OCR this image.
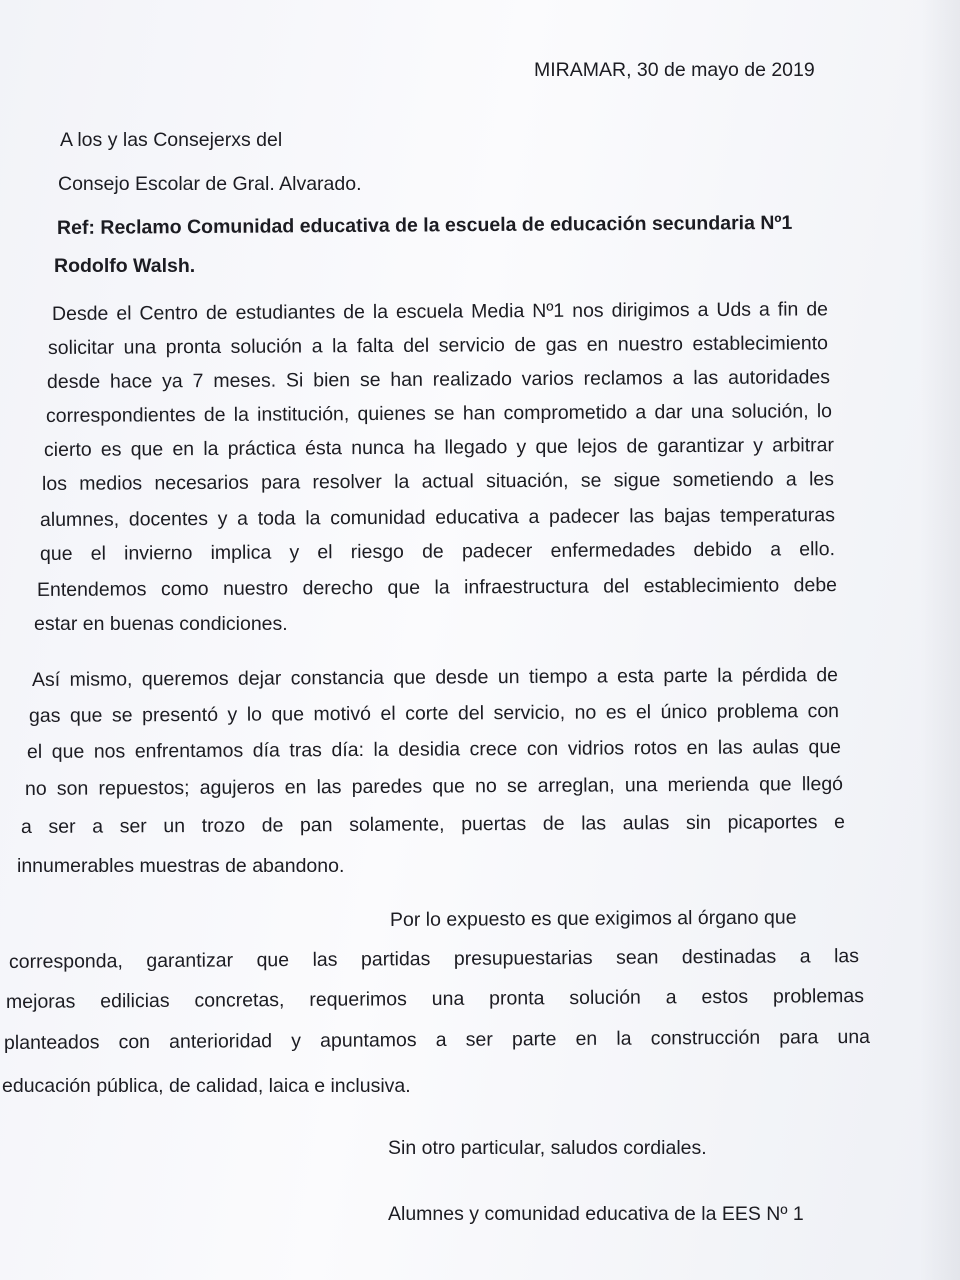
MIRAMAR, 30 de mayo de 2019
A los y las Consejerxs del
Consejo Escolar de Gral. Alvarado.
Ref: Reclamo Comunidad educativa de la escuela de educación secundaria Nº1
Rodolfo Walsh.
Desde el Centro de estudiantes de la escuela Media Nº1 nos dirigimos a Uds a fin de
solicitar una pronta solución a la falta del servicio de gas en nuestro establecimiento
desde hace ya 7 meses. Si bien se han realizado varios reclamos a las autoridades
correspondientes de la institución, quienes se han comprometido a dar una solución, lo
cierto es que en la práctica ésta nunca ha llegado y que lejos de garantizar y arbitrar
los medios necesarios para resolver la actual situación, se sigue sometiendo a les
alumnes, docentes y a toda la comunidad educativa a padecer las bajas temperaturas
que el invierno implica y el riesgo de padecer enfermedades debido a ello.
Entendemos como nuestro derecho que la infraestructura del establecimiento debe
estar en buenas condiciones.
Así mismo, queremos dejar constancia que desde un tiempo a esta parte la pérdida de
gas que se presentó y lo que motivó el corte del servicio, no es el único problema con
el que nos enfrentamos día tras día: la desidia crece con vidrios rotos en las aulas que
no son repuestos; agujeros en las paredes que no se arreglan, una merienda que llegó
a ser a ser un trozo de pan solamente, puertas de las aulas sin picaportes e
innumerables muestras de abandono.
Por lo expuesto es que exigimos al órgano que
corresponda, garantizar que las partidas presupuestarias sean destinadas a las
mejoras edilicias concretas, requerimos una pronta solución a estos problemas
planteados con anterioridad y apuntamos a ser parte en la construcción para una
educación pública, de calidad, laica e inclusiva.
Sin otro particular, saludos cordiales.
Alumnes y comunidad educativa de la EES Nº 1
